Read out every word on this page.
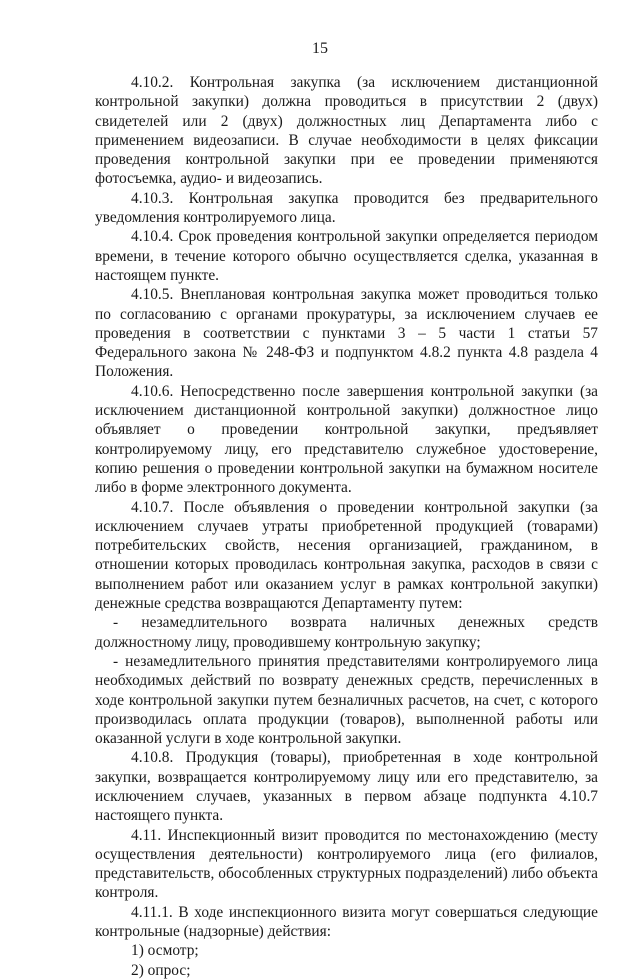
15

4.10.2. Контрольная закупка (за исключением дистанционной контрольной закупки) должна проводиться в присутствии 2 (двух) свидетелей или 2 (двух) должностных лиц Департамента либо с применением видеозаписи. В случае необходимости в целях фиксации проведения контрольной закупки при ее проведении применяются фотосъемка, аудио- и видеозапись.

4.10.3. Контрольная закупка проводится без предварительного уведомления контролируемого лица.

4.10.4. Срок проведения контрольной закупки определяется периодом времени, в течение которого обычно осуществляется сделка, указанная в настоящем пункте.

4.10.5. Внеплановая контрольная закупка может проводиться только по согласованию с органами прокуратуры, за исключением случаев ее проведения в соответствии с пунктами 3 – 5 части 1 статьи 57 Федерального закона № 248-ФЗ и подпунктом 4.8.2 пункта 4.8 раздела 4 Положения.

4.10.6. Непосредственно после завершения контрольной закупки (за исключением дистанционной контрольной закупки) должностное лицо объявляет о проведении контрольной закупки, предъявляет контролируемому лицу, его представителю служебное удостоверение, копию решения о проведении контрольной закупки на бумажном носителе либо в форме электронного документа.

4.10.7. После объявления о проведении контрольной закупки (за исключением случаев утраты приобретенной продукцией (товарами) потребительских свойств, несения организацией, гражданином, в отношении которых проводилась контрольная закупка, расходов в связи с выполнением работ или оказанием услуг в рамках контрольной закупки) денежные средства возвращаются Департаменту путем:

- незамедлительного возврата наличных денежных средств должностному лицу, проводившему контрольную закупку;

- незамедлительного принятия представителями контролируемого лица необходимых действий по возврату денежных средств, перечисленных в ходе контрольной закупки путем безналичных расчетов, на счет, с которого производилась оплата продукции (товаров), выполненной работы или оказанной услуги в ходе контрольной закупки.

4.10.8. Продукция (товары), приобретенная в ходе контрольной закупки, возвращается контролируемому лицу или его представителю, за исключением случаев, указанных в первом абзаце подпункта 4.10.7 настоящего пункта.

4.11. Инспекционный визит проводится по местонахождению (месту осуществления деятельности) контролируемого лица (его филиалов, представительств, обособленных структурных подразделений) либо объекта контроля.

4.11.1. В ходе инспекционного визита могут совершаться следующие контрольные (надзорные) действия:

1) осмотр;

2) опрос;
